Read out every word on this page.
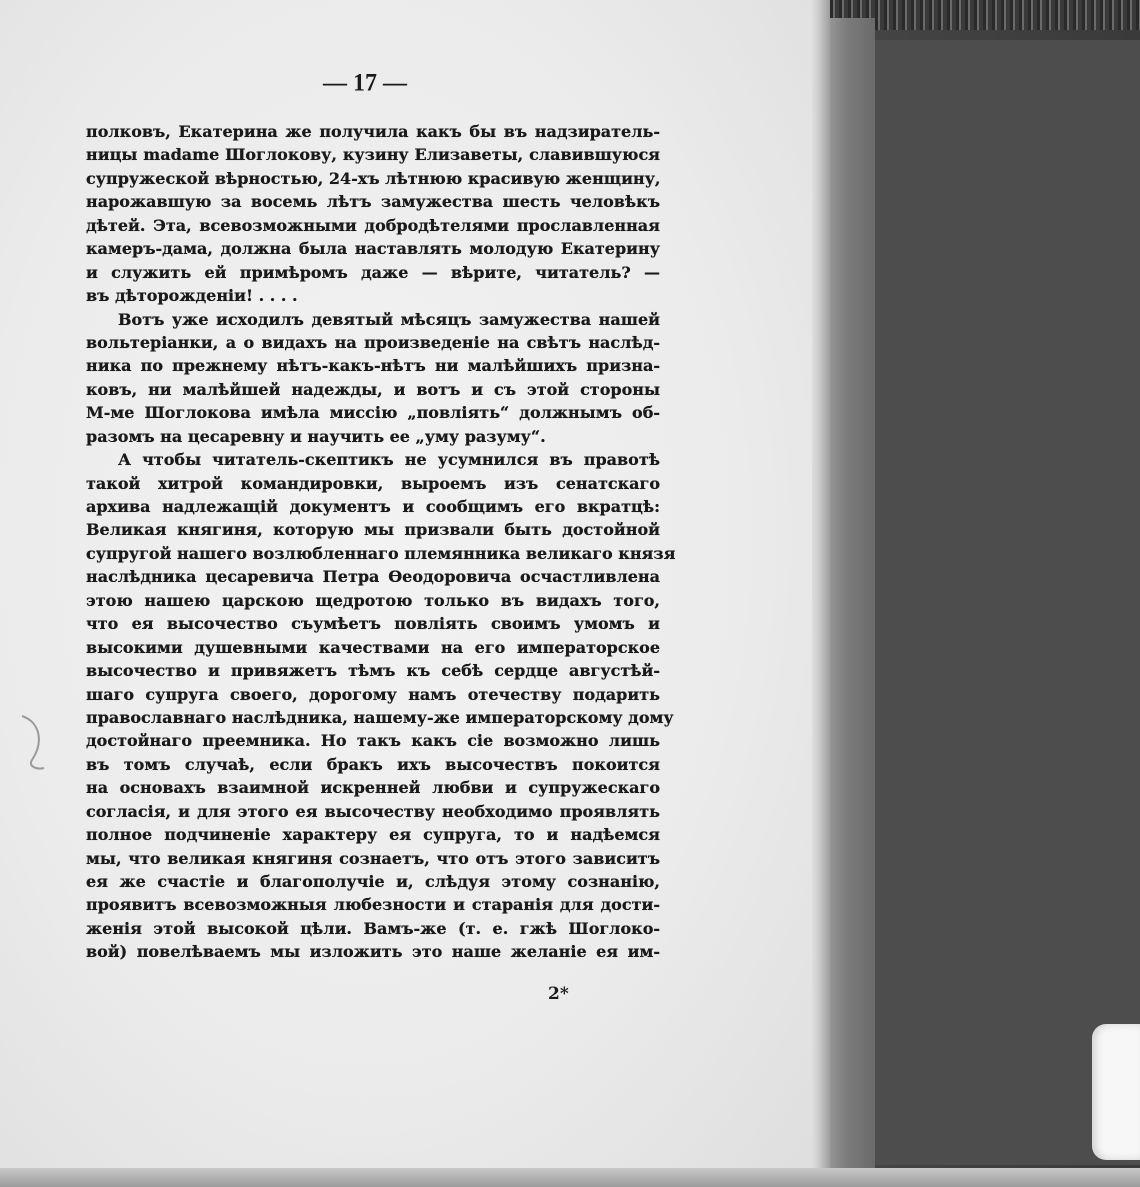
— 17 —
полковъ, Екатерина же получила какъ бы въ надзиратель-
ницы madame Шоглокову, кузину Елизаветы, славившуюся
супружеской вѣрностью, 24-хъ лѣтнюю красивую женщину,
нарожавшую за восемь лѣтъ замужества шесть человѣкъ
дѣтей. Эта, всевозможными добродѣтелями прославленная
камеръ-дама, должна была наставлять молодую Екатерину
и служить ей примѣромъ даже — вѣрите, читатель? —
въ дѣторожденіи! . . . .
Вотъ уже исходилъ девятый мѣсяцъ замужества нашей
вольтеріанки, а о видахъ на произведеніе на свѣтъ наслѣд-
ника по прежнему нѣтъ-какъ-нѣтъ ни малѣйшихъ призна-
ковъ, ни малѣйшей надежды, и вотъ и съ этой стороны
М-ме Шоглокова имѣла миссію „повліять“ должнымъ об-
разомъ на цесаревну и научить ее „уму разуму“.
А чтобы читатель-скептикъ не усумнился въ правотѣ
такой хитрой командировки, выроемъ изъ сенатскаго
архива надлежащій документъ и сообщимъ его вкратцѣ:
Великая княгиня, которую мы призвали быть достойной
супругой нашего возлюбленнаго племянника великаго князя
наслѣдника цесаревича Петра Ѳеодоровича осчастливлена
этою нашею царскою щедротою только въ видахъ того,
что ея высочество съумѣетъ повліять своимъ умомъ и
высокими душевными качествами на его императорское
высочество и привяжетъ тѣмъ къ себѣ сердце августѣй-
шаго супруга своего, дорогому намъ отечеству подарить
православнаго наслѣдника, нашему-же императорскому дому
достойнаго преемника. Но такъ какъ сіе возможно лишь
въ томъ случаѣ, если бракъ ихъ высочествъ покоится
на основахъ взаимной искренней любви и супружескаго
согласія, и для этого ея высочеству необходимо проявлять
полное подчиненіе характеру ея супруга, то и надѣемся
мы, что великая княгиня сознаетъ, что отъ этого зависитъ
ея же счастіе и благополучіе и, слѣдуя этому сознанію,
проявитъ всевозможныя любезности и старанія для дости-
женія этой высокой цѣли. Вамъ-же (т. е. гжѣ Шоглоко-
вой) повелѣваемъ мы изложить это наше желаніе ея им-
2*
